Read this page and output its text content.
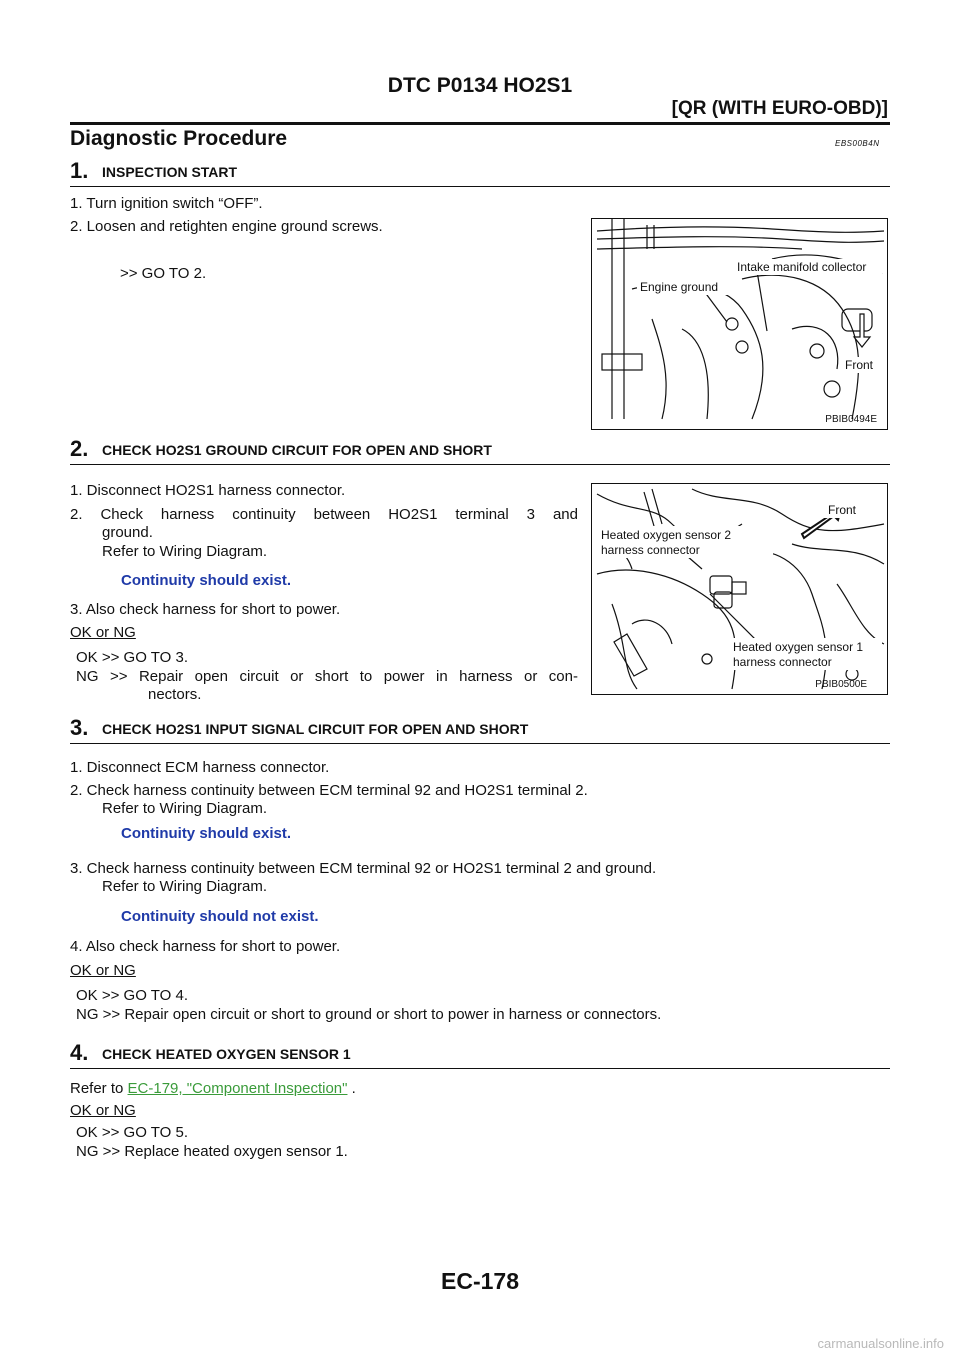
DTC P0134 HO2S1
[QR (WITH EURO-OBD)]
Diagnostic Procedure	EBS00B4N
1. INSPECTION START
1. Turn ignition switch “OFF”.
2. Loosen and retighten engine ground screws.
>> GO TO 2.	Intake manifold collector
Engine ground
Front
PBIB0494E
2. CHECK HO2S1 GROUND CIRCUIT FOR OPEN AND SHORT
1. Disconnect HO2S1 harness connector.
2. Check harness continuity between HO2S1 terminal 3 and
ground.
Refer to Wiring Diagram.
Continuity should exist.
3. Also check harness for short to power.
OK or NG
OK >> GO TO 3.
NG >> Repair open circuit or short to power in harness or con-
nectors.
Front
Heated oxygen sensor 2
harness connector
Heated oxygen sensor 1
harness connector
PBIB0500E
3. CHECK HO2S1 INPUT SIGNAL CIRCUIT FOR OPEN AND SHORT
1. Disconnect ECM harness connector.
2. Check harness continuity between ECM terminal 92 and HO2S1 terminal 2.
Refer to Wiring Diagram.
Continuity should exist.
3. Check harness continuity between ECM terminal 92 or HO2S1 terminal 2 and ground.
Refer to Wiring Diagram.
Continuity should not exist.
4. Also check harness for short to power.
OK or NG
OK >> GO TO 4.
NG >> Repair open circuit or short to ground or short to power in harness or connectors.
4. CHECK HEATED OXYGEN SENSOR 1
Refer to EC-179, "Component Inspection" .
OK or NG
OK >> GO TO 5.
NG >> Replace heated oxygen sensor 1.
EC-178
carmanualsonline.info
